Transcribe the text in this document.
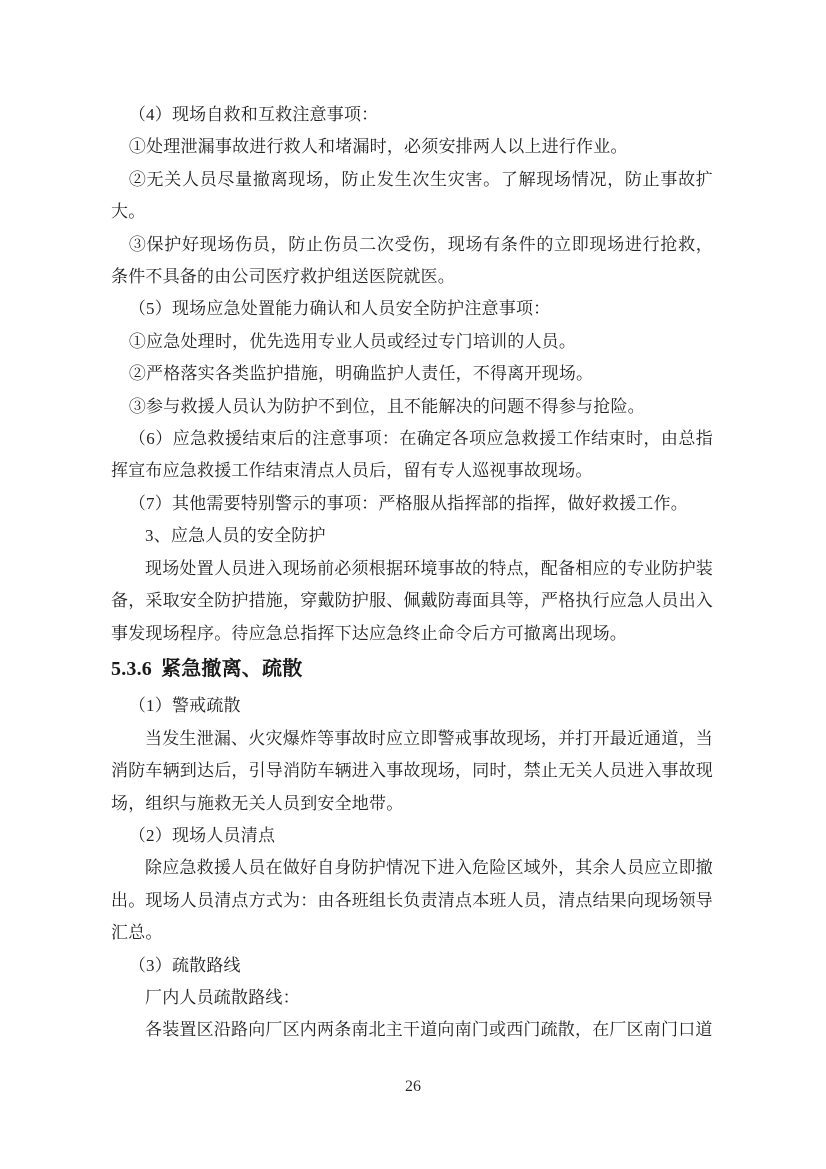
（4）现场自救和互救注意事项：

①处理泄漏事故进行救人和堵漏时，必须安排两人以上进行作业。

②无关人员尽量撤离现场，防止发生次生灾害。了解现场情况，防止事故扩大。

③保护好现场伤员，防止伤员二次受伤，现场有条件的立即现场进行抢救，条件不具备的由公司医疗救护组送医院就医。

（5）现场应急处置能力确认和人员安全防护注意事项：

①应急处理时，优先选用专业人员或经过专门培训的人员。

②严格落实各类监护措施，明确监护人责任，不得离开现场。

③参与救援人员认为防护不到位，且不能解决的问题不得参与抢险。

（6）应急救援结束后的注意事项：在确定各项应急救援工作结束时，由总指挥宣布应急救援工作结束清点人员后，留有专人巡视事故现场。

（7）其他需要特别警示的事项：严格服从指挥部的指挥，做好救援工作。

3、应急人员的安全防护

现场处置人员进入现场前必须根据环境事故的特点，配备相应的专业防护装备，采取安全防护措施，穿戴防护服、佩戴防毒面具等，严格执行应急人员出入事发现场程序。待应急总指挥下达应急终止命令后方可撤离出现场。

5.3.6 紧急撤离、疏散

（1）警戒疏散

当发生泄漏、火灾爆炸等事故时应立即警戒事故现场，并打开最近通道，当消防车辆到达后，引导消防车辆进入事故现场，同时，禁止无关人员进入事故现场，组织与施救无关人员到安全地带。

（2）现场人员清点

除应急救援人员在做好自身防护情况下进入危险区域外，其余人员应立即撤出。现场人员清点方式为：由各班组长负责清点本班人员，清点结果向现场领导汇总。

（3）疏散路线

厂内人员疏散路线：

各装置区沿路向厂区内两条南北主干道向南门或西门疏散，在厂区南门口道

26
